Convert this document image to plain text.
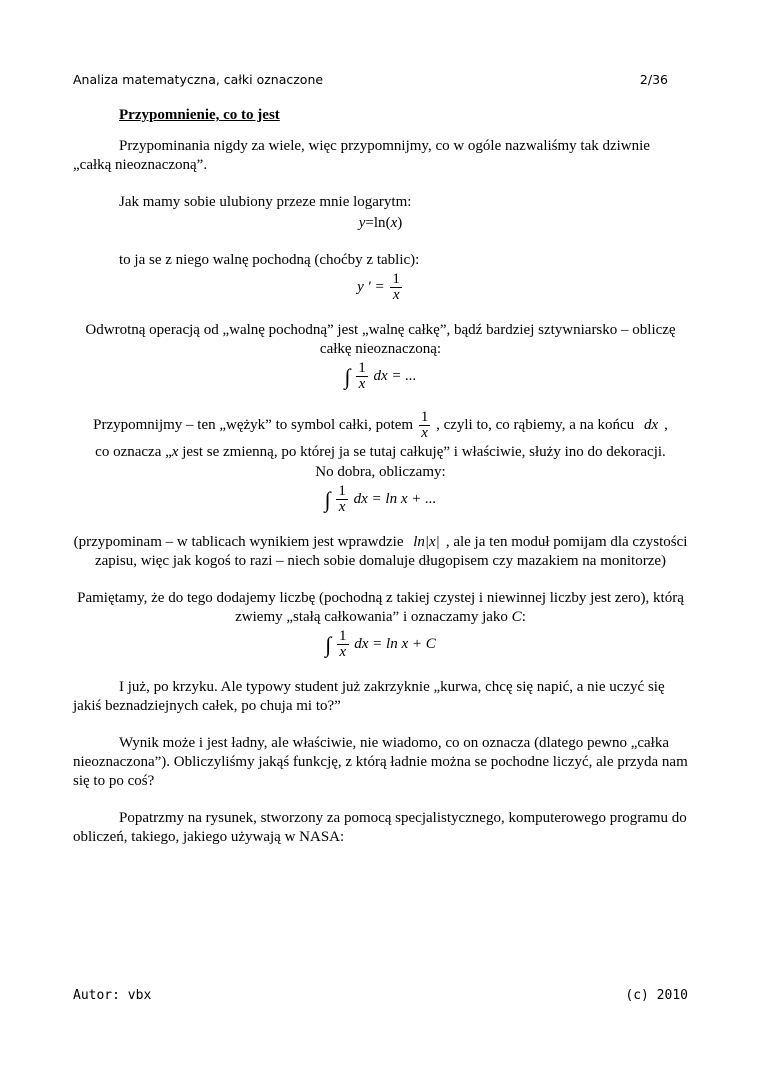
Analiza matematyczna, całki oznaczone	2/36
Przypomnienie, co to jest

Przypominania nigdy za wiele, więc przypomnijmy, co w ogóle nazwaliśmy tak dziwnie „całką nieoznaczoną”.

Jak mamy sobie ulubiony przeze mnie logarytm:

y=ln(x)

to ja se z niego walnę pochodną (choćby z tablic):

y ′ = $\frac{1}{x}$

Odwrotną operacją od „walnę pochodną” jest „walnę całkę”, bądź bardziej sztywniarsko – obliczę całkę nieoznaczoną:

∫ $\frac{1}{x}$ dx = ...

Przypomnijmy – ten „wężyk” to symbol całki, potem $\frac{1}{x}$ , czyli to, co rąbiemy, a na końcu dx ,
co oznacza „x jest se zmienną, po której ja se tutaj całkuję” i właściwie, służy ino do dekoracji.

No dobra, obliczamy:

∫ $\frac{1}{x}$ dx = ln x + ...

(przypominam – w tablicach wynikiem jest wprawdzie ln|x| , ale ja ten moduł pomijam dla czystości zapisu, więc jak kogoś to razi – niech sobie domaluje długopisem czy mazakiem na monitorze)

Pamiętamy, że do tego dodajemy liczbę (pochodną z takiej czystej i niewinnej liczby jest zero), którą zwiemy „stałą całkowania” i oznaczamy jako C:

∫ $\frac{1}{x}$ dx = ln x + C

I już, po krzyku. Ale typowy student już zakrzyknie „kurwa, chcę się napić, a nie uczyć się jakiś beznadziejnych całek, po chuja mi to?”

Wynik może i jest ładny, ale właściwie, nie wiadomo, co on oznacza (dlatego pewno „całka nieoznaczona”). Obliczyliśmy jakąś funkcję, z którą ładnie można se pochodne liczyć, ale przyda nam się to po coś?

Popatrzmy na rysunek, stworzony za pomocą specjalistycznego, komputerowego programu do obliczeń, takiego, jakiego używają w NASA:

Autor: vbx	(c) 2010
